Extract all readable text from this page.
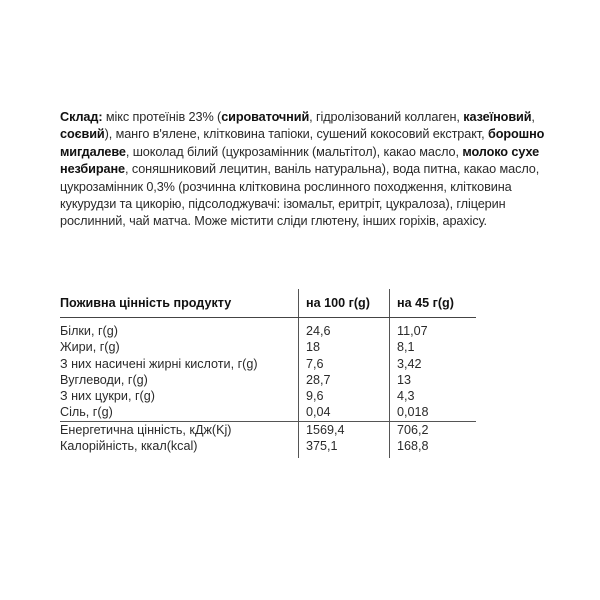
Склад: мікс протеїнів 23% (сироваточний, гідролізований коллаген, казеїновий, соєвий), манго в'ялене, клітковина тапіоки, сушений кокосовий екстракт, борошно мигдалеве, шоколад білий (цукрозамінник (мальтітол), какао масло, молоко сухе незбиране, соняшниковий лецитин, ваніль натуральна), вода питна, какао масло, цукрозамінник 0,3% (розчинна клітковина рослинного походження, клітковина кукурудзи та цикорію, підсолоджувачі: ізомальт, еритріт, цукралоза), гліцерин рослинний, чай матча. Може містити сліди глютену, інших горіхів, арахісу.
Поживна цінність продукту	на 100 г(g)	на 45 г(g)
Білки, г(g)	24,6	11,07
Жири, г(g)	18	8,1
З них насичені жирні кислоти, г(g)	7,6	3,42
Вуглеводи, г(g)	28,7	13
З них цукри, г(g)	9,6	4,3
Сіль, г(g)	0,04	0,018
Енергетична цінність, кДж(Kj)	1569,4	706,2
Калорійність, ккал(kcal)	375,1	168,8
